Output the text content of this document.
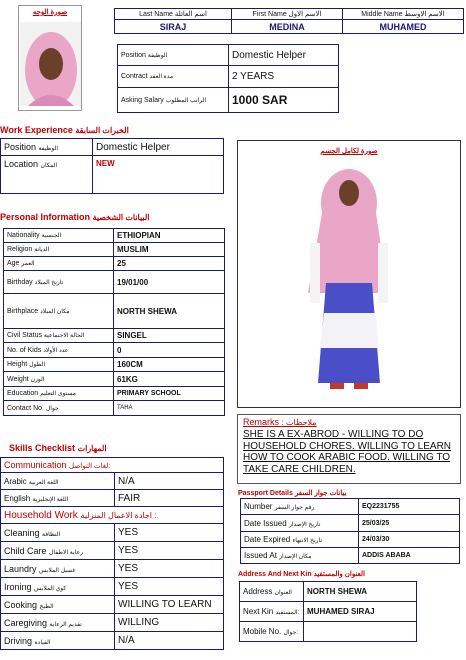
صورة الوجه	Last Name اسم العائلة	First Name الاسم الاول	Middle Name الاسم الاوسط
SIRAJ	MEDINA	MUHAMED
Position الوظيفة	Domestic Helper
Contract مدة العقد	2 YEARS
Asking Salary الراتب المطلوب	1000 SAR
Work Experience الخبرات السابقة
Position الوظيفة	Domestic Helper
Location المكان	NEW
Personal Information البيانات الشخصية
Nationality الجنسية	ETHIOPIAN
Religion الديانة	MUSLIM
Age العمر	25
Birthday تاريخ الميلاد	19/01/00
Birthplace مكان الميلاد	NORTH SHEWA
Civil Status الحالة الاجتماعية	SINGEL
No. of Kids عدد الأولاد	0
Height الطول	160CM
Weight الوزن	61KG
Education مستوى التعليم	PRIMARY SCHOOL
Contact No. جوال	TAHA
Skills Checklist المهارات
Communication لغات التواصل:	
Arabic اللغة العربية	N/A
English اللغة الإنجليزية	FAIR
Household Work اجادة الاعمال المنزلية :	
Cleaning النظافة	YES
Child Care رعاية الاطفال	YES
Laundry غسيل الملابس	YES
Ironing كوي الملابس	YES
Cooking الطبخ	WILLING TO LEARN
Caregiving تقديم الرعاية	WILLING
Driving القيادة	N/A
صورة لكامل الجسم
Remarks : ملاحظات
SHE IS A EX-ABROD - WILLING TO DO HOUSEHOLD CHORES. WILLING TO LEARN HOW TO COOK ARABIC FOOD. WILLING TO TAKE CARE CHILDREN.
Passport Details بيانات جواز السفر
Number رقم جواز السفر	EQ2231755
Date Issued تاريخ الإصدار	25/03/25
Date Expired تاريخ الانتهاء	24/03/30
Issued At مكان الإصدار	ADDIS ABABA
Address And Next Kin العنوان والمستفيد
Address العنوان	NORTH SHEWA
Next Kin المستفيد:	MUHAMED SIRAJ
Mobile No. جوال:	
